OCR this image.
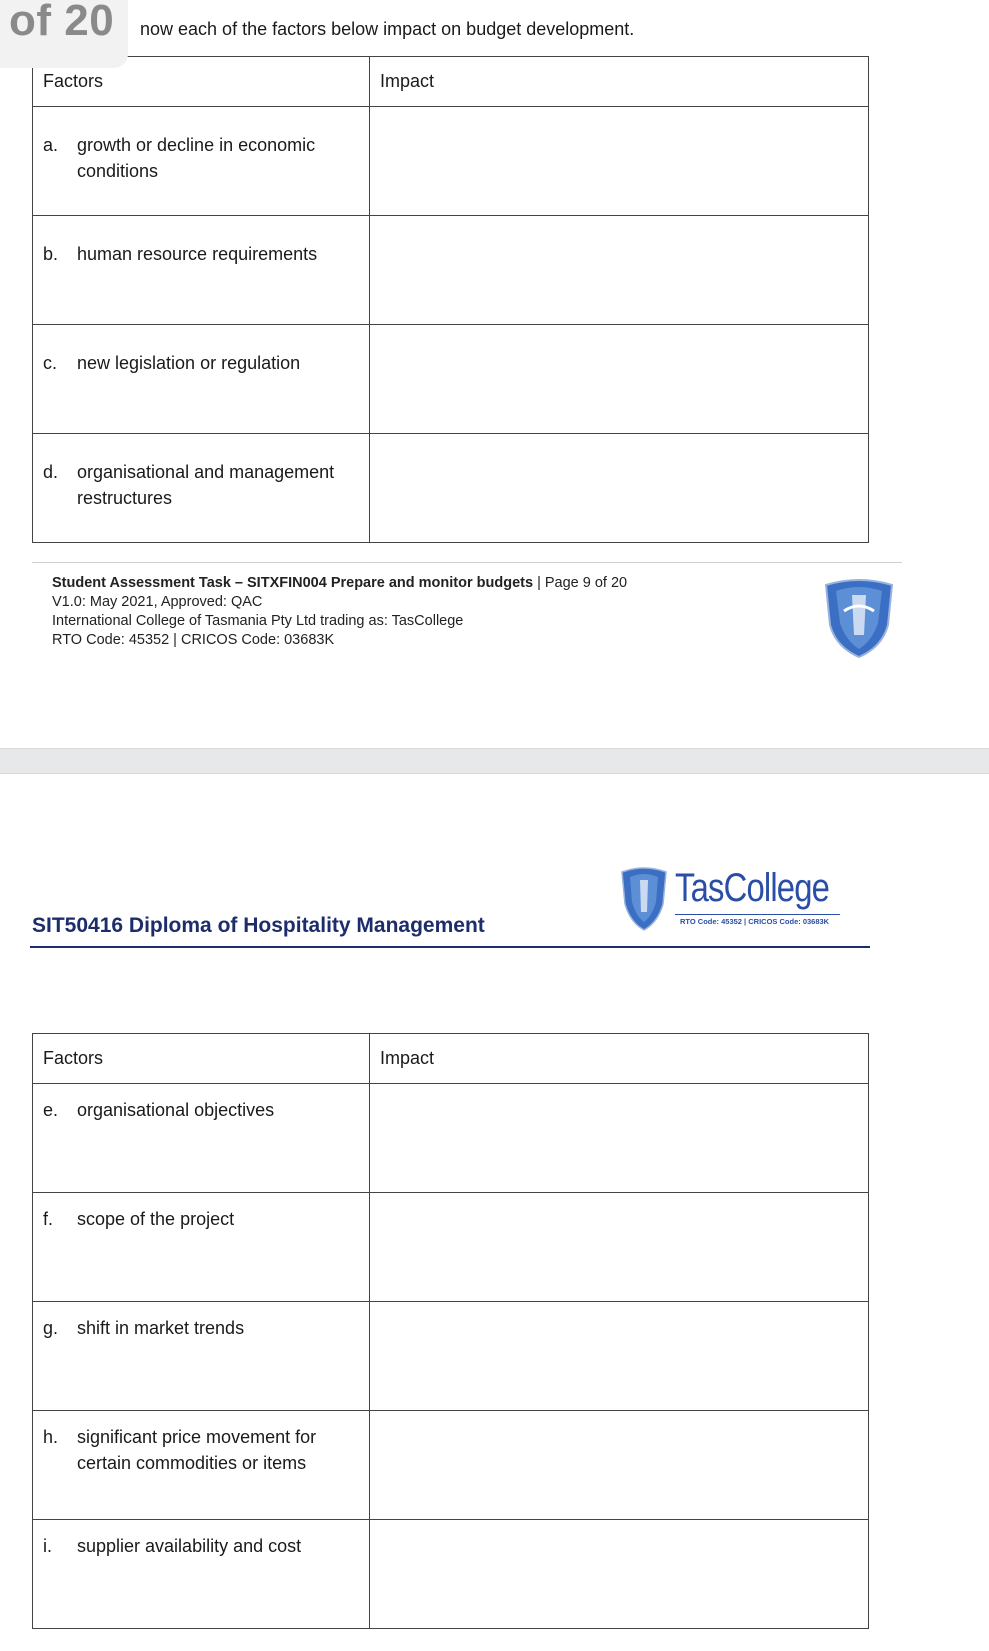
of 20 now each of the factors below impact on budget development.
Factors	Impact

a. growth or decline in economic conditions	

b. human resource requirements	

c. new legislation or regulation	

d. organisational and management restructures	

Student Assessment Task – SITXFIN004 Prepare and monitor budgets | Page 9 of 20
V1.0: May 2021, Approved: QAC
International College of Tasmania Pty Ltd trading as: TasCollege
RTO Code: 45352 | CRICOS Code: 03683K
TasCollege
RTO Code: 45352 | CRICOS Code: 03683K
SIT50416 Diploma of Hospitality Management
Factors	Impact

e. organisational objectives	

f. scope of the project	

g. shift in market trends	

h. significant price movement for certain commodities or items	

i. supplier availability and cost	
